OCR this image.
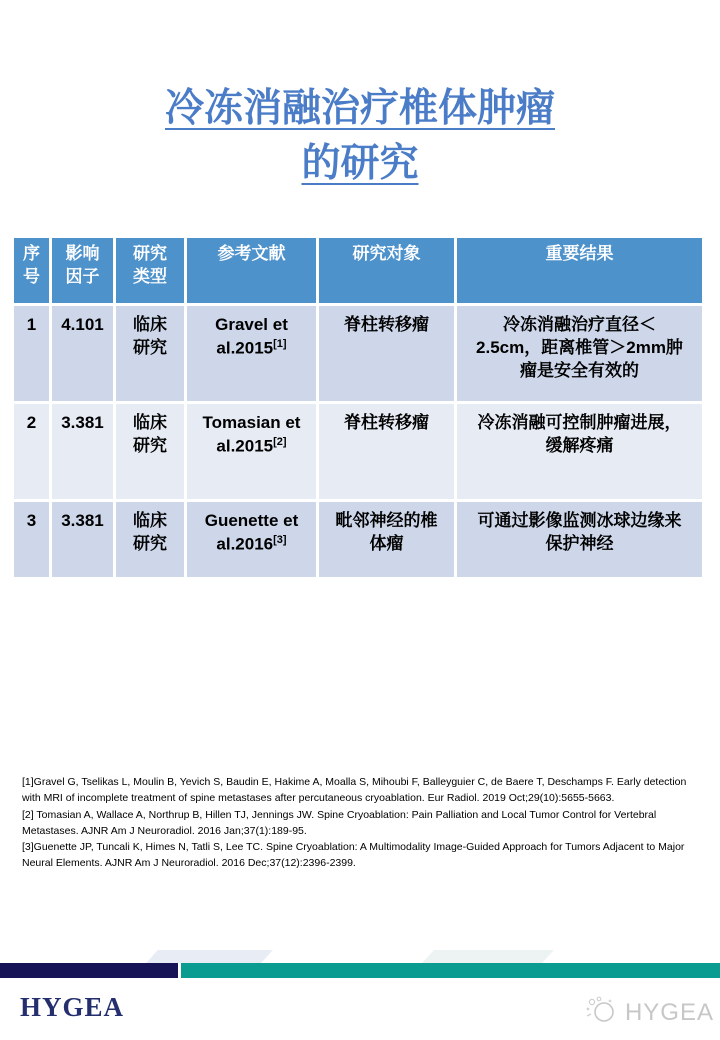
冷冻消融治疗椎体肿瘤
的研究
序号	影响因子	研究类型	参考文献	研究对象	重要结果
1	4.101	临床研究	Gravel et al.2015[1]	脊柱转移瘤	冷冻消融治疗直径＜2.5cm，距离椎管＞2mm肿瘤是安全有效的
2	3.381	临床研究	Tomasian et al.2015[2]	脊柱转移瘤	冷冻消融可控制肿瘤进展，缓解疼痛
3	3.381	临床研究	Guenette et al.2016[3]	毗邻神经的椎体瘤	可通过影像监测冰球边缘来保护神经
[1]Gravel G, Tselikas L, Moulin B, Yevich S, Baudin E, Hakime A, Moalla S, Mihoubi F, Balleyguier C, de Baere T, Deschamps F. Early detection with MRI of incomplete treatment of spine metastases after percutaneous cryoablation. Eur Radiol. 2019 Oct;29(10):5655-5663.
[2] Tomasian A, Wallace A, Northrup B, Hillen TJ, Jennings JW. Spine Cryoablation: Pain Palliation and Local Tumor Control for Vertebral Metastases. AJNR Am J Neuroradiol. 2016 Jan;37(1):189-95.
[3]Guenette JP, Tuncali K, Himes N, Tatli S, Lee TC. Spine Cryoablation: A Multimodality Image-Guided Approach for Tumors Adjacent to Major Neural Elements. AJNR Am J Neuroradiol. 2016 Dec;37(12):2396-2399.
HYGEA	HYGEA
